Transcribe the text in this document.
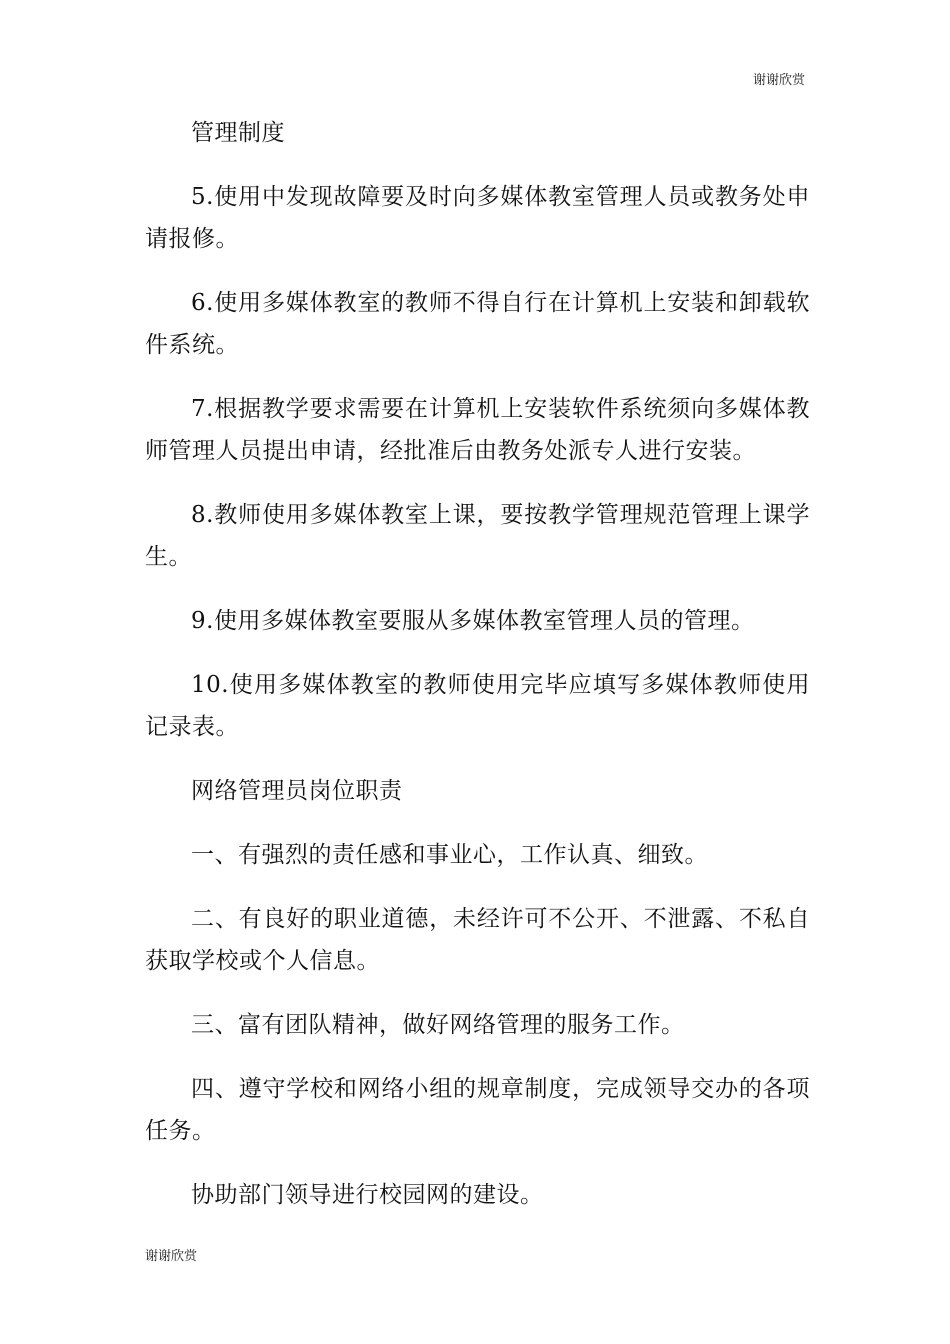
谢谢欣赏

管理制度

5.使用中发现故障要及时向多媒体教室管理人员或教务处申请报修。

6.使用多媒体教室的教师不得自行在计算机上安装和卸载软件系统。

7.根据教学要求需要在计算机上安装软件系统须向多媒体教师管理人员提出申请，经批准后由教务处派专人进行安装。

8.教师使用多媒体教室上课，要按教学管理规范管理上课学生。

9.使用多媒体教室要服从多媒体教室管理人员的管理。

10.使用多媒体教室的教师使用完毕应填写多媒体教师使用记录表。

网络管理员岗位职责

一、有强烈的责任感和事业心，工作认真、细致。

二、有良好的职业道德，未经许可不公开、不泄露、不私自获取学校或个人信息。

三、富有团队精神，做好网络管理的服务工作。

四、遵守学校和网络小组的规章制度，完成领导交办的各项任务。

协助部门领导进行校园网的建设。

谢谢欣赏
